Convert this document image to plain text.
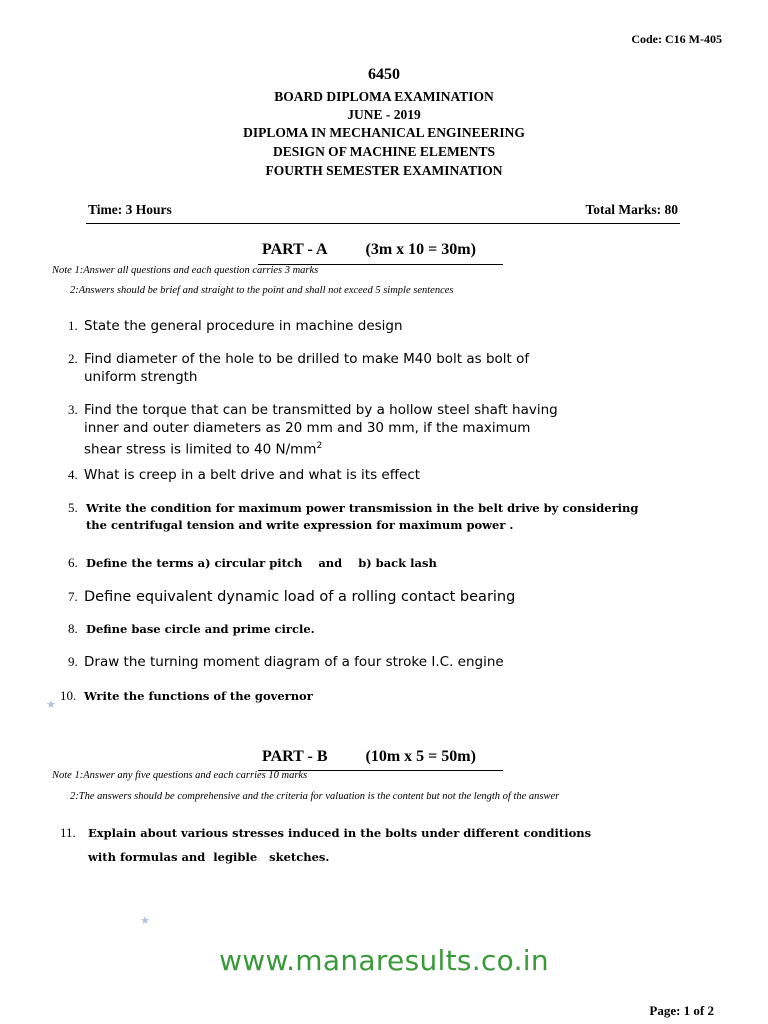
Code: C16 M-405
6450
BOARD DIPLOMA EXAMINATION
JUNE - 2019
DIPLOMA IN MECHANICAL ENGINEERING
DESIGN OF MACHINE ELEMENTS
FOURTH SEMESTER EXAMINATION
Time: 3 Hours	Total Marks: 80
PART - A (3m x 10 = 30m)
Note 1:Answer all questions and each question carries 3 marks
2:Answers should be brief and straight to the point and shall not exceed 5 simple sentences
1. State the general procedure in machine design
2. Find diameter of the hole to be drilled to make M40 bolt as bolt of
uniform strength
3. Find the torque that can be transmitted by a hollow steel shaft having
inner and outer diameters as 20 mm and 30 mm, if the maximum
shear stress is limited to 40 $N/mm^2$
4. What is creep in a belt drive and what is its effect
5. Write the condition for maximum power transmission in the belt drive by considering
the centrifugal tension and write expression for maximum power .
6. Define the terms a) circular pitch    and    b) back lash
7. Define equivalent dynamic load of a rolling contact bearing
8. Define base circle and prime circle.
9. Draw the turning moment diagram of a four stroke I.C. engine
★
10. Write the functions of the governor
PART - B (10m x 5 = 50m)
Note 1:Answer any five questions and each carries 10 marks
2:The answers should be comprehensive and the criteria for valuation is the content but not the length of the answer
11. Explain about various stresses induced in the bolts under different conditions
with formulas and  legible   sketches.
★
www.manaresults.co.in
Page: 1 of 2
